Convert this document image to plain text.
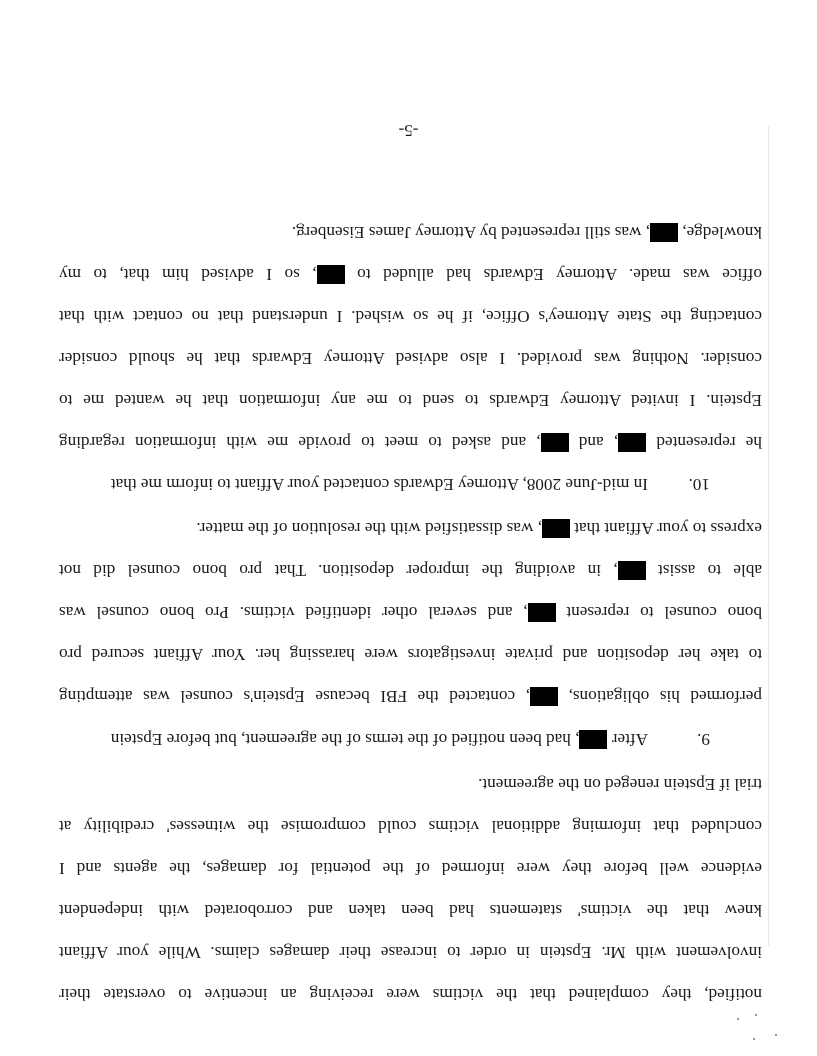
notified, they complained that the victims were receiving an incentive to overstate their
involvement with Mr. Epstein in order to increase their damages claims. While your Affiant
knew that the victims' statements had been taken and corroborated with independent
evidence well before they were informed of the potential for damages, the agents and I
concluded that informing additional victims could compromise the witnesses' credibility at
trial if Epstein reneged on the agreement.
9.After , had been notified of the terms of the agreement, but before Epstein
performed his obligations, , contacted the FBI because Epstein's counsel was attempting
to take her deposition and private investigators were harassing her. Your Affiant secured pro
bono counsel to represent , and several other identified victims. Pro bono counsel was
able to assist , in avoiding the improper deposition. That pro bono counsel did not
express to your Affiant that , was dissatisfied with the resolution of the matter.
10.In mid-June 2008, Attorney Edwards contacted your Affiant to inform me that
he represented , and , and asked to meet to provide me with information regarding
Epstein. I invited Attorney Edwards to send to me any information that he wanted me to
consider. Nothing was provided. I also advised Attorney Edwards that he should consider
contacting the State Attorney's Office, if he so wished. I understand that no contact with that
office was made. Attorney Edwards had alluded to , so I advised him that, to my
knowledge, , was still represented by Attorney James Eisenberg.
-5-
